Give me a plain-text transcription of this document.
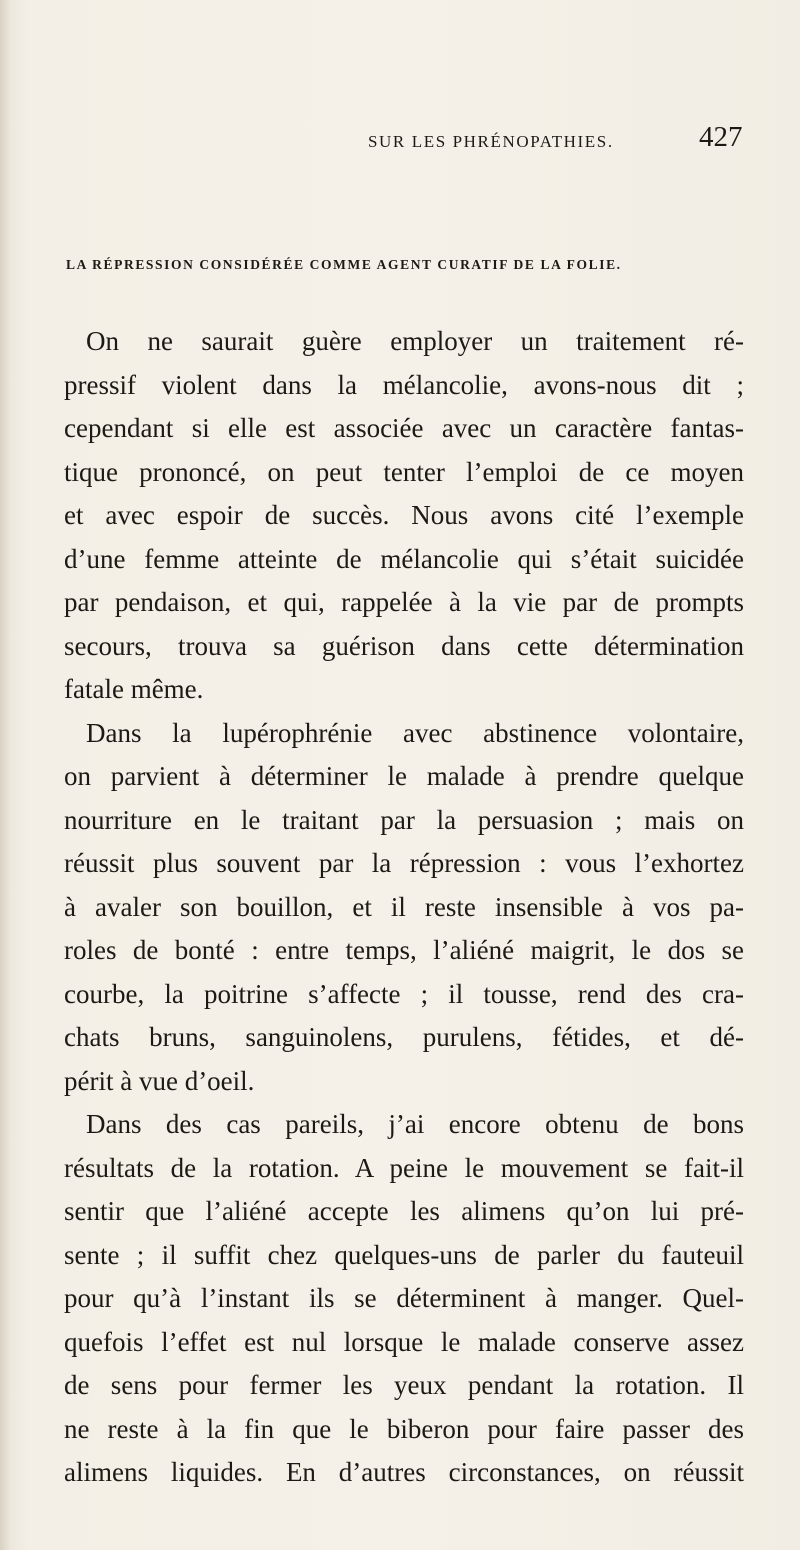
SUR LES PHRÉNOPATHIES.	427
LA RÉPRESSION CONSIDÉRÉE COMME AGENT CURATIF DE LA FOLIE.
On ne saurait guère employer un traitement ré-
pressif violent dans la mélancolie, avons-nous dit ;
cependant si elle est associée avec un caractère fantas-
tique prononcé, on peut tenter l’emploi de ce moyen
et avec espoir de succès. Nous avons cité l’exemple
d’une femme atteinte de mélancolie qui s’était suicidée
par pendaison, et qui, rappelée à la vie par de prompts
secours, trouva sa guérison dans cette détermination
fatale même.
Dans la lupérophrénie avec abstinence volontaire,
on parvient à déterminer le malade à prendre quelque
nourriture en le traitant par la persuasion ; mais on
réussit plus souvent par la répression : vous l’exhortez
à avaler son bouillon, et il reste insensible à vos pa-
roles de bonté : entre temps, l’aliéné maigrit, le dos se
courbe, la poitrine s’affecte ; il tousse, rend des cra-
chats bruns, sanguinolens, purulens, fétides, et dé-
périt à vue d’oeil.
Dans des cas pareils, j’ai encore obtenu de bons
résultats de la rotation. A peine le mouvement se fait-il
sentir que l’aliéné accepte les alimens qu’on lui pré-
sente ; il suffit chez quelques-uns de parler du fauteuil
pour qu’à l’instant ils se déterminent à manger. Quel-
quefois l’effet est nul lorsque le malade conserve assez
de sens pour fermer les yeux pendant la rotation. Il
ne reste à la fin que le biberon pour faire passer des
alimens liquides. En d’autres circonstances, on réussit
